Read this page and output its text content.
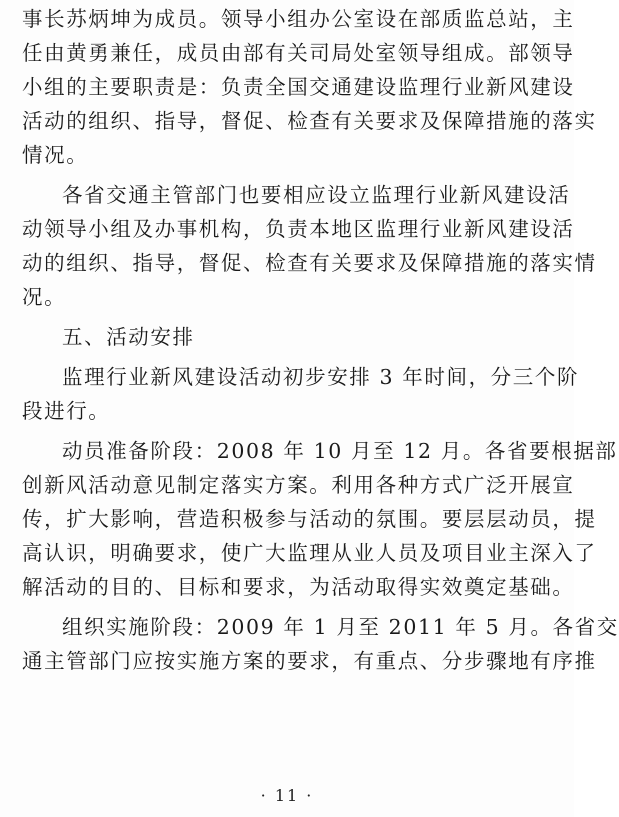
事长苏炳坤为成员。领导小组办公室设在部质监总站，主
任由黄勇兼任，成员由部有关司局处室领导组成。部领导
小组的主要职责是：负责全国交通建设监理行业新风建设
活动的组织、指导，督促、检查有关要求及保障措施的落实
情况。
各省交通主管部门也要相应设立监理行业新风建设活
动领导小组及办事机构，负责本地区监理行业新风建设活
动的组织、指导，督促、检查有关要求及保障措施的落实情
况。
五、活动安排
监理行业新风建设活动初步安排 3 年时间，分三个阶
段进行。
动员准备阶段：2008 年 10 月至 12 月。各省要根据部
创新风活动意见制定落实方案。利用各种方式广泛开展宣
传，扩大影响，营造积极参与活动的氛围。要层层动员，提
高认识，明确要求，使广大监理从业人员及项目业主深入了
解活动的目的、目标和要求，为活动取得实效奠定基础。
组织实施阶段：2009 年 1 月至 2011 年 5 月。各省交
通主管部门应按实施方案的要求，有重点、分步骤地有序推
· 11 ·
